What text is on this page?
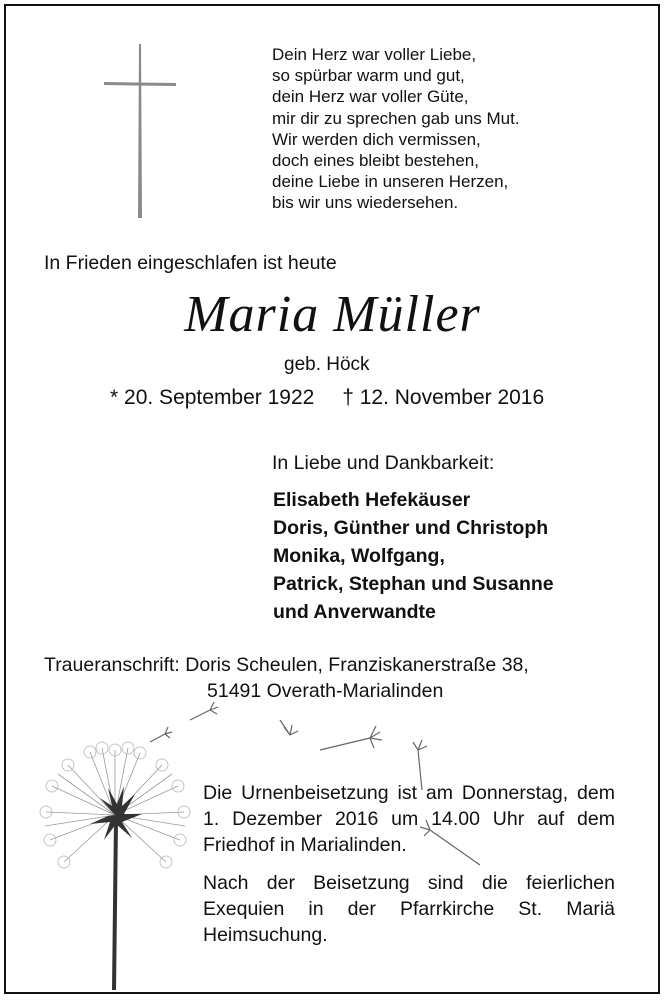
Dein Herz war voller Liebe,
so spürbar warm und gut,
dein Herz war voller Güte,
mir dir zu sprechen gab uns Mut.
Wir werden dich vermissen,
doch eines bleibt bestehen,
deine Liebe in unseren Herzen,
bis wir uns wiedersehen.
In Frieden eingeschlafen ist heute
Maria Müller
geb. Höck
* 20. September 1922 † 12. November 2016
In Liebe und Dankbarkeit:
Elisabeth Hefekäuser
Doris, Günther und Christoph
Monika, Wolfgang,
Patrick, Stephan und Susanne
und Anverwandte
Traueranschrift: Doris Scheulen, Franziskanerstraße 38,
51491 Overath-Marialinden

Die Urnenbeisetzung ist am Donnerstag, dem 1. Dezember 2016 um 14.00 Uhr auf dem Friedhof in Marialinden.

Nach der Beisetzung sind die feierlichen Exequien in der Pfarrkirche St. Mariä Heimsuchung.
